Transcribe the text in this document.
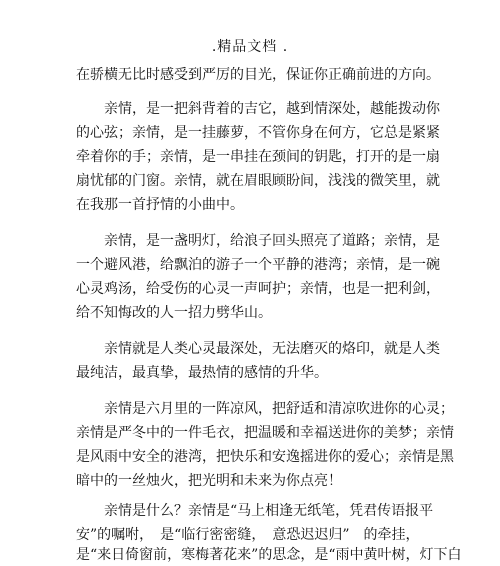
.精品文档 .
在骄横无比时感受到严厉的目光，保证你正确前进的方向。
　　亲情，是一把斜背着的吉它，越到情深处，越能拨动你
的心弦；亲情，是一挂藤萝，不管你身在何方，它总是紧紧
牵着你的手；亲情，是一串挂在颈间的钥匙，打开的是一扇
扇忧郁的门窗。亲情，就在眉眼顾盼间，浅浅的微笑里，就
在我那一首抒情的小曲中。
　　亲情，是一盏明灯，给浪子回头照亮了道路；亲情，是
一个避风港，给飘泊的游子一个平静的港湾；亲情，是一碗
心灵鸡汤，给受伤的心灵一声呵护；亲情，也是一把利剑，
给不知悔改的人一招力劈华山。
　　亲情就是人类心灵最深处，无法磨灭的烙印，就是人类
最纯洁，最真挚，最热情的感情的升华。
　　亲情是六月里的一阵凉风，把舒适和清凉吹进你的心灵；
亲情是严冬中的一件毛衣，把温暖和幸福送进你的美梦；亲情
是风雨中安全的港湾，把快乐和安逸摇进你的爱心；亲情是黑
暗中的一丝烛火，把光明和未来为你点亮！
　　亲情是什么？亲情是“马上相逢无纸笔，凭君传语报平
安”的嘱咐，　是“临行密密缝，　意恐迟迟归”　的牵挂，
是“来日倚窗前，寒梅著花来”的思念，是“雨中黄叶树，灯下白
